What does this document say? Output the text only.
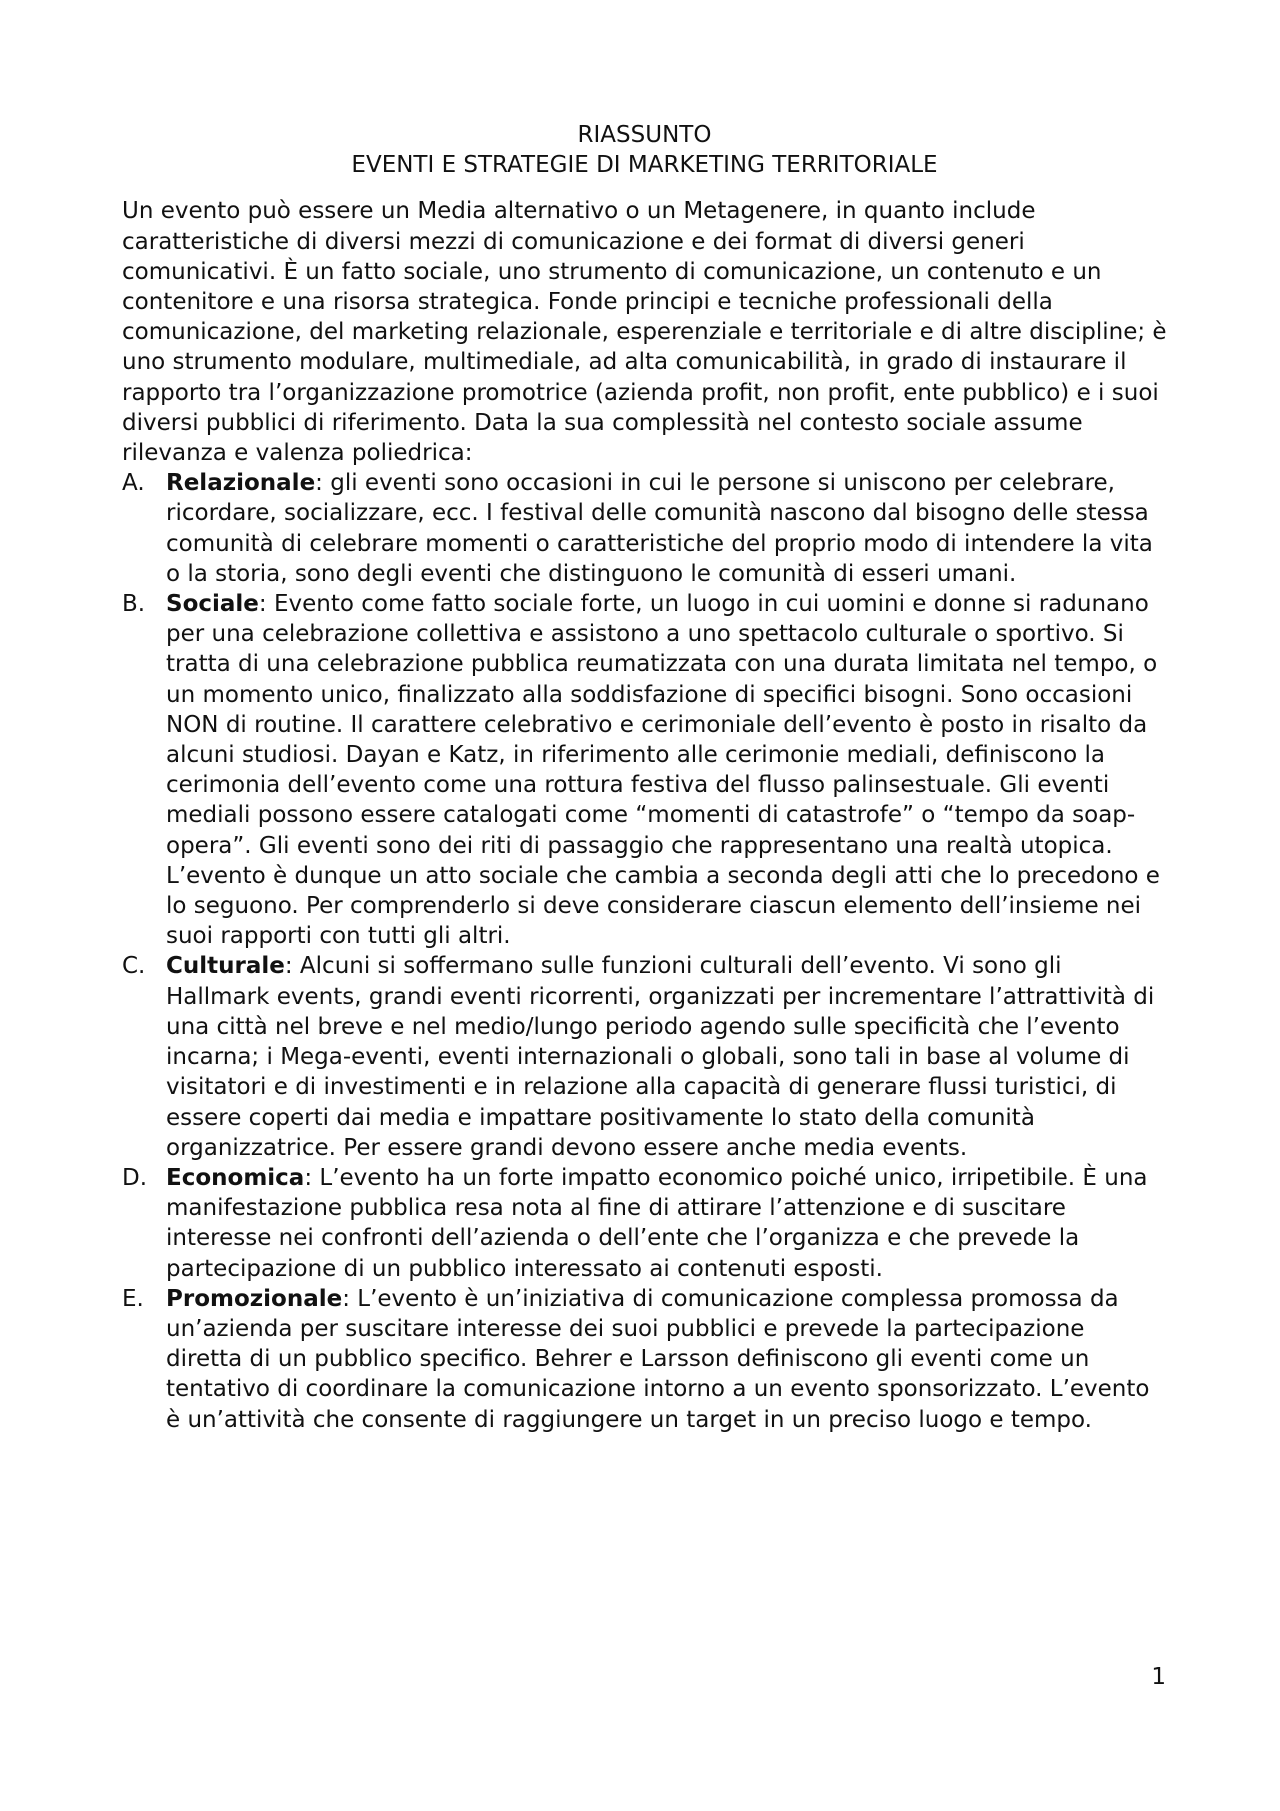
RIASSUNTO

EVENTI E STRATEGIE DI MARKETING TERRITORIALE

Un evento può essere un Media alternativo o un Metagenere, in quanto include caratteristiche di diversi mezzi di comunicazione e dei format di diversi generi comunicativi. È un fatto sociale, uno strumento di comunicazione, un contenuto e un contenitore e una risorsa strategica. Fonde principi e tecniche professionali della comunicazione, del marketing relazionale, esperenziale e territoriale e di altre discipline; è uno strumento modulare, multimediale, ad alta comunicabilità, in grado di instaurare il rapporto tra l’organizzazione promotrice (azienda profit, non profit, ente pubblico) e i suoi diversi pubblici di riferimento. Data la sua complessità nel contesto sociale assume rilevanza e valenza poliedrica:

A. Relazionale: gli eventi sono occasioni in cui le persone si uniscono per celebrare, ricordare, socializzare, ecc. I festival delle comunità nascono dal bisogno delle stessa comunità di celebrare momenti o caratteristiche del proprio modo di intendere la vita o la storia, sono degli eventi che distinguono le comunità di esseri umani.
B. Sociale: Evento come fatto sociale forte, un luogo in cui uomini e donne si radunano per una celebrazione collettiva e assistono a uno spettacolo culturale o sportivo. Si tratta di una celebrazione pubblica reumatizzata con una durata limitata nel tempo, o un momento unico, finalizzato alla soddisfazione di specifici bisogni. Sono occasioni NON di routine. Il carattere celebrativo e cerimoniale dell’evento è posto in risalto da alcuni studiosi. Dayan e Katz, in riferimento alle cerimonie mediali, definiscono la cerimonia dell’evento come una rottura festiva del flusso palinsestuale. Gli eventi mediali possono essere catalogati come “momenti di catastrofe” o “tempo da soap-opera”. Gli eventi sono dei riti di passaggio che rappresentano una realtà utopica. L’evento è dunque un atto sociale che cambia a seconda degli atti che lo precedono e lo seguono. Per comprenderlo si deve considerare ciascun elemento dell’insieme nei suoi rapporti con tutti gli altri.
C. Culturale: Alcuni si soffermano sulle funzioni culturali dell’evento. Vi sono gli Hallmark events, grandi eventi ricorrenti, organizzati per incrementare l’attrattività di una città nel breve e nel medio/lungo periodo agendo sulle specificità che l’evento incarna; i Mega-eventi, eventi internazionali o globali, sono tali in base al volume di visitatori e di investimenti e in relazione alla capacità di generare flussi turistici, di essere coperti dai media e impattare positivamente lo stato della comunità organizzatrice. Per essere grandi devono essere anche media events.
D. Economica: L’evento ha un forte impatto economico poiché unico, irripetibile. È una manifestazione pubblica resa nota al fine di attirare l’attenzione e di suscitare interesse nei confronti dell’azienda o dell’ente che l’organizza e che prevede la partecipazione di un pubblico interessato ai contenuti esposti.
E. Promozionale: L’evento è un’iniziativa di comunicazione complessa promossa da un’azienda per suscitare interesse dei suoi pubblici e prevede la partecipazione diretta di un pubblico specifico. Behrer e Larsson definiscono gli eventi come un tentativo di coordinare la comunicazione intorno a un evento sponsorizzato. L’evento è un’attività che consente di raggiungere un target in un preciso luogo e tempo.
1
